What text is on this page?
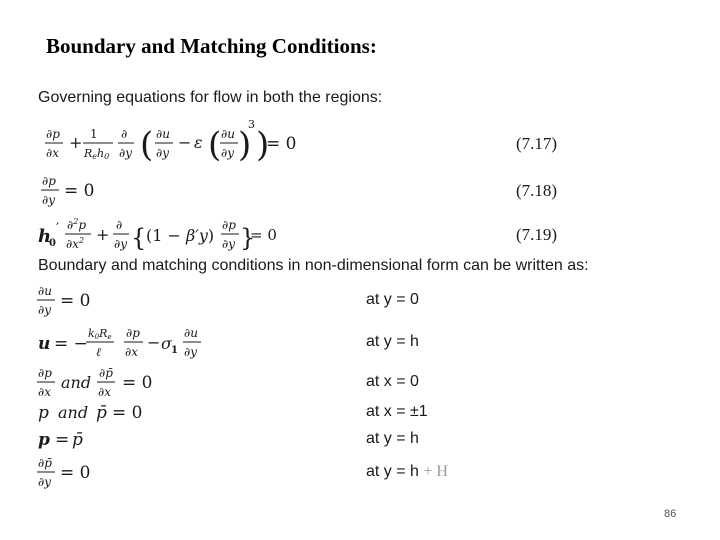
Boundary and Matching Conditions:
Governing equations for flow in both the regions:
Boundary and matching conditions in non-dimensional form can be written as:
(7.17)
(7.18)
(7.19)
at y = 0
at y = h
at x = 0
at x = ±1
at y = h
at y = h + H
∂p
∂x
+ 1
Reh0
∂
∂y ( ∂u
∂y
− ε ( ∂u
∂y )
3
)
= 0
∂p
∂y = 0
h
0
′ ∂$^2$p
$\partial x^2$ + ∂
∂y { (1 − β′y)
∂p
∂y }
= 0
∂u
∂y = 0
u = −
k0Re
ℓ
∂p
∂x − σ 1
∂u
∂y
∂p
∂x and ∂p̄
∂x = 0
p and p̄ = 0
p = p̄
∂p̄
∂y = 0
86
